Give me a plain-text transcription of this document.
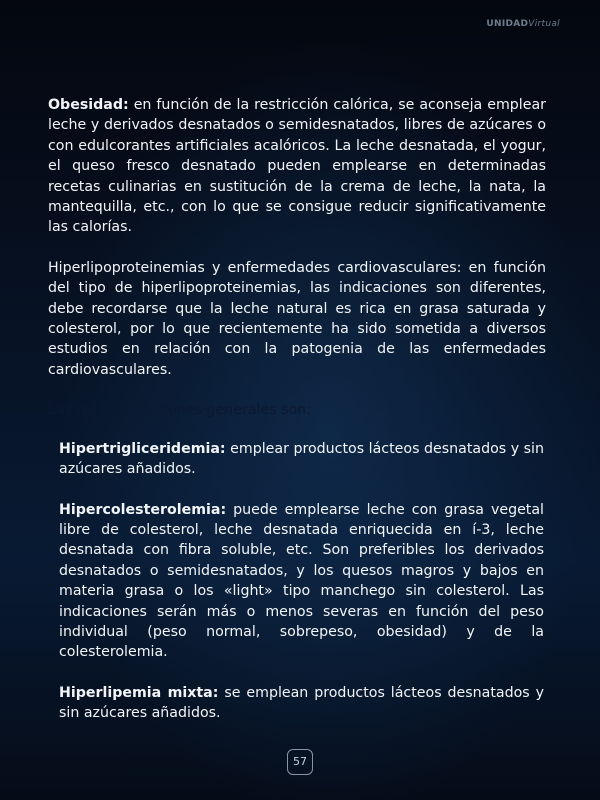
UNIDADVirtual

Obesidad: en función de la restricción calórica, se aconseja emplear leche y derivados desnatados o semidesnatados, libres de azúcares o con edulcorantes artificiales acalóricos. La leche desnatada, el yogur, el queso fresco desnatado pueden emplearse en determinadas recetas culinarias en sustitución de la crema de leche, la nata, la mantequilla, etc., con lo que se consigue reducir significativamente las calorías.

Hiperlipoproteinemias y enfermedades cardiovasculares: en función del tipo de hiperlipoproteinemias, las indicaciones son diferentes, debe recordarse que la leche natural es rica en grasa saturada y colesterol, por lo que recientemente ha sido sometida a diversos estudios en relación con la patogenia de las enfermedades cardiovasculares.

Las recomendaciones generales son:

Hipertrigliceridemia: emplear productos lácteos desnatados y sin azúcares añadidos.

Hipercolesterolemia: puede emplearse leche con grasa vegetal libre de colesterol, leche desnatada enriquecida en í-3, leche desnatada con fibra soluble, etc. Son preferibles los derivados desnatados o semidesnatados, y los quesos magros y bajos en materia grasa o los «light» tipo manchego sin colesterol. Las indicaciones serán más o menos severas en función del peso individual (peso normal, sobrepeso, obesidad) y de la colesterolemia.

Hiperlipemia mixta: se emplean productos lácteos desnatados y sin azúcares añadidos.

57
